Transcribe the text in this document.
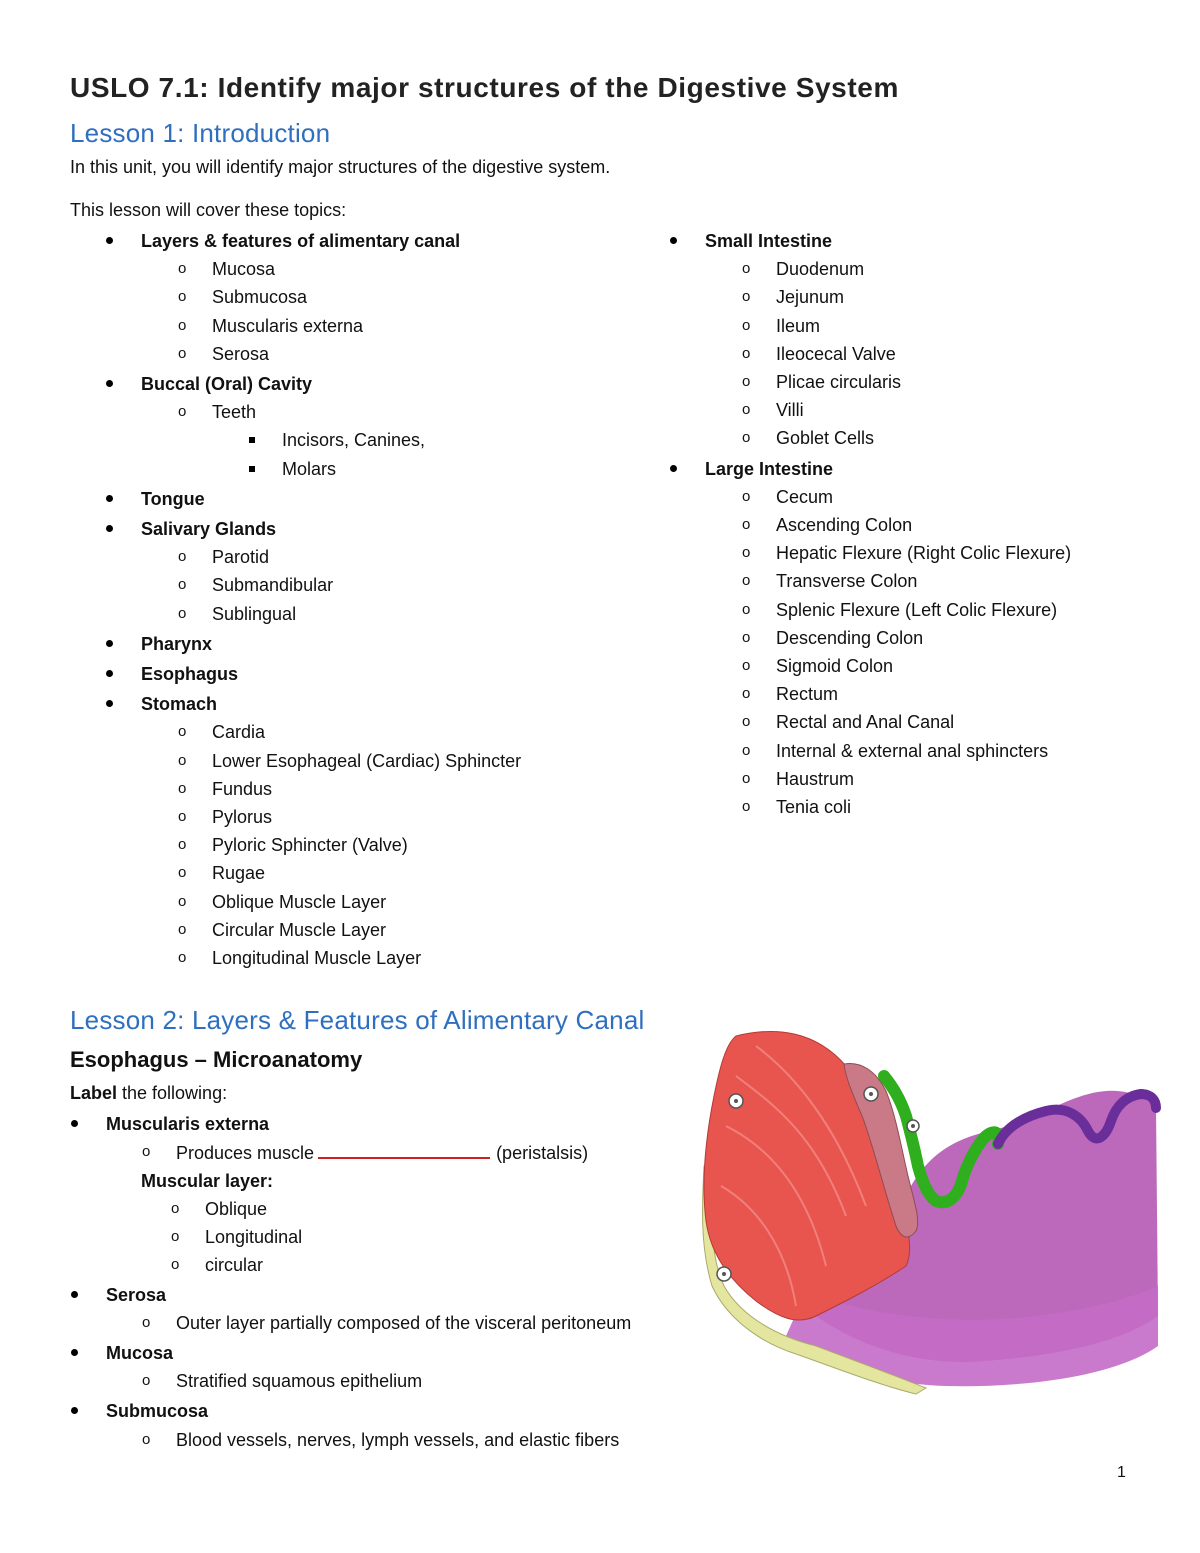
USLO 7.1: Identify major structures of the Digestive System
Lesson 1: Introduction
In this unit, you will identify major structures of the digestive system.
This lesson will cover these topics:
Layers & features of alimentary canal
o Mucosa
o Submucosa
o Muscularis externa
o Serosa
Buccal (Oral) Cavity
o Teeth
Incisors, Canines,
Molars
Tongue
Salivary Glands
o Parotid
o Submandibular
o Sublingual
Pharynx
Esophagus
Stomach
o Cardia
o Lower Esophageal (Cardiac) Sphincter
o Fundus
o Pylorus
o Pyloric Sphincter (Valve)
o Rugae
o Oblique Muscle Layer
o Circular Muscle Layer
o Longitudinal Muscle Layer
Small Intestine
o Duodenum
o Jejunum
o Ileum
o Ileocecal Valve
o Plicae circularis
o Villi
o Goblet Cells
Large Intestine
o Cecum
o Ascending Colon
o Hepatic Flexure (Right Colic Flexure)
o Transverse Colon
o Splenic Flexure (Left Colic Flexure)
o Descending Colon
o Sigmoid Colon
o Rectum
o Rectal and Anal Canal
o Internal & external anal sphincters
o Haustrum
o Tenia coli
Lesson 2: Layers & Features of Alimentary Canal
Esophagus – Microanatomy
Label the following:
Muscularis externa
o Produces muscle	(peristalsis)
Muscular layer:
o Oblique
o Longitudinal
o circular
Serosa
o Outer layer partially composed of the visceral peritoneum
Mucosa
o Stratified squamous epithelium
Submucosa
o Blood vessels, nerves, lymph vessels, and elastic fibers
1
